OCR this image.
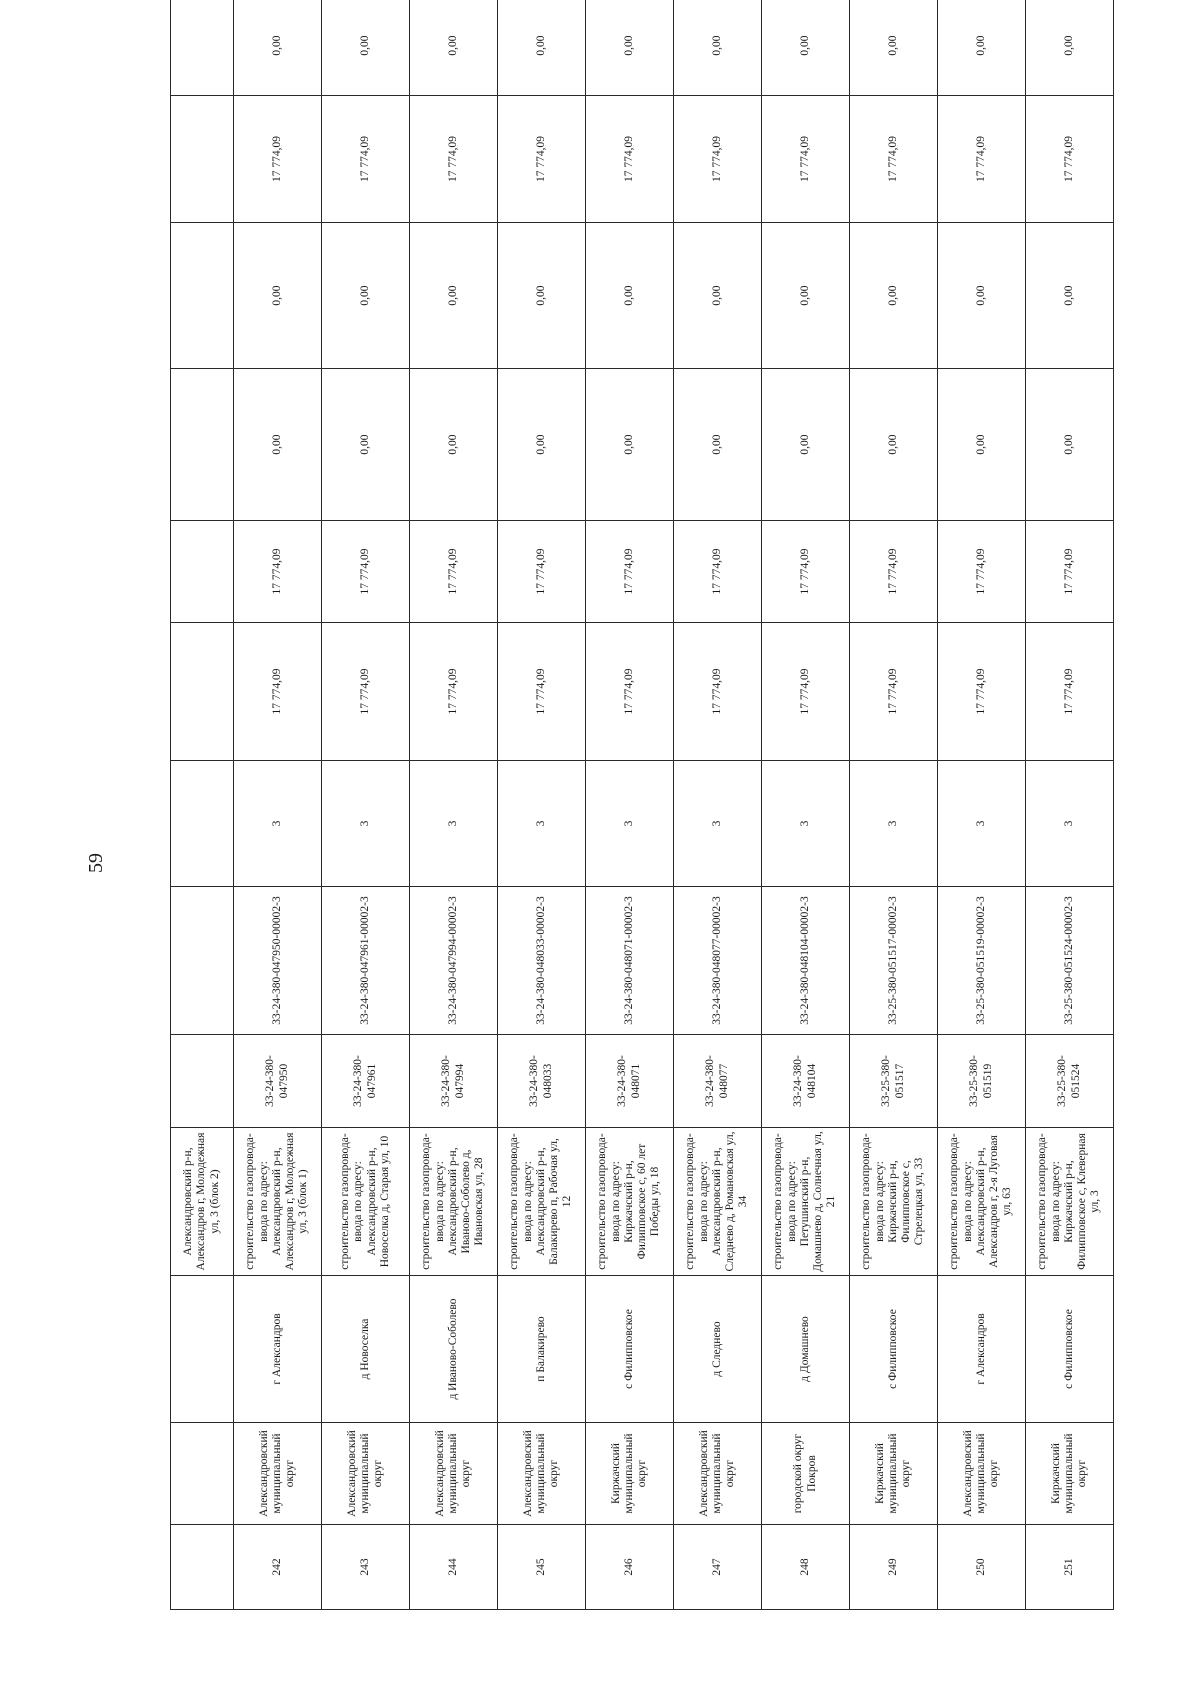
59
			Александровский р-н, Александров г, Молодежная ул, 3 (блок 2)									
242	Александровский муниципальный округ	г Александров	строительство газопровода-ввода по адресу: Александровский р-н, Александров г, Молодежная ул, 3 (блок 1)	33-24-380-047950	33-24-380-047950-00002-3	3	17 774,09	17 774,09	0,00	0,00	17 774,09	0,00
243	Александровский муниципальный округ	д Новоселка	строительство газопровода-ввода по адресу: Александровский р-н, Новоселка д, Старая ул, 10	33-24-380-047961	33-24-380-047961-00002-3	3	17 774,09	17 774,09	0,00	0,00	17 774,09	0,00
244	Александровский муниципальный округ	д Иваново-Соболево	строительство газопровода-ввода по адресу: Александровский р-н, Иваново-Соболево д, Ивановская ул, 28	33-24-380-047994	33-24-380-047994-00002-3	3	17 774,09	17 774,09	0,00	0,00	17 774,09	0,00
245	Александровский муниципальный округ	п Балакирево	строительство газопровода-ввода по адресу: Александровский р-н, Балакирево п, Рабочая ул, 12	33-24-380-048033	33-24-380-048033-00002-3	3	17 774,09	17 774,09	0,00	0,00	17 774,09	0,00
246	Киржачский муниципальный округ	с Филипповское	строительство газопровода-ввода по адресу: Киржачский р-н, Филипповское с, 60 лет Победы ул, 18	33-24-380-048071	33-24-380-048071-00002-3	3	17 774,09	17 774,09	0,00	0,00	17 774,09	0,00
247	Александровский муниципальный округ	д Следнево	строительство газопровода-ввода по адресу: Александровский р-н, Следнево д, Романовская ул, 34	33-24-380-048077	33-24-380-048077-00002-3	3	17 774,09	17 774,09	0,00	0,00	17 774,09	0,00
248	городской округ Покров	д Домашнево	строительство газопровода-ввода по адресу: Петушинский р-н, Домашнево д, Солнечная ул, 21	33-24-380-048104	33-24-380-048104-00002-3	3	17 774,09	17 774,09	0,00	0,00	17 774,09	0,00
249	Киржачский муниципальный округ	с Филипповское	строительство газопровода-ввода по адресу: Киржачский р-н, Филипповское с, Стрелецкая ул, 33	33-25-380-051517	33-25-380-051517-00002-3	3	17 774,09	17 774,09	0,00	0,00	17 774,09	0,00
250	Александровский муниципальный округ	г Александров	строительство газопровода-ввода по адресу: Александровский р-н, Александров г, 2-я Луговая ул, 63	33-25-380-051519	33-25-380-051519-00002-3	3	17 774,09	17 774,09	0,00	0,00	17 774,09	0,00
251	Киржачский муниципальный округ	с Филипповское	строительство газопровода-ввода по адресу: Киржачский р-н, Филипповское с, Клеверная ул, 3	33-25-380-051524	33-25-380-051524-00002-3	3	17 774,09	17 774,09	0,00	0,00	17 774,09	0,00
